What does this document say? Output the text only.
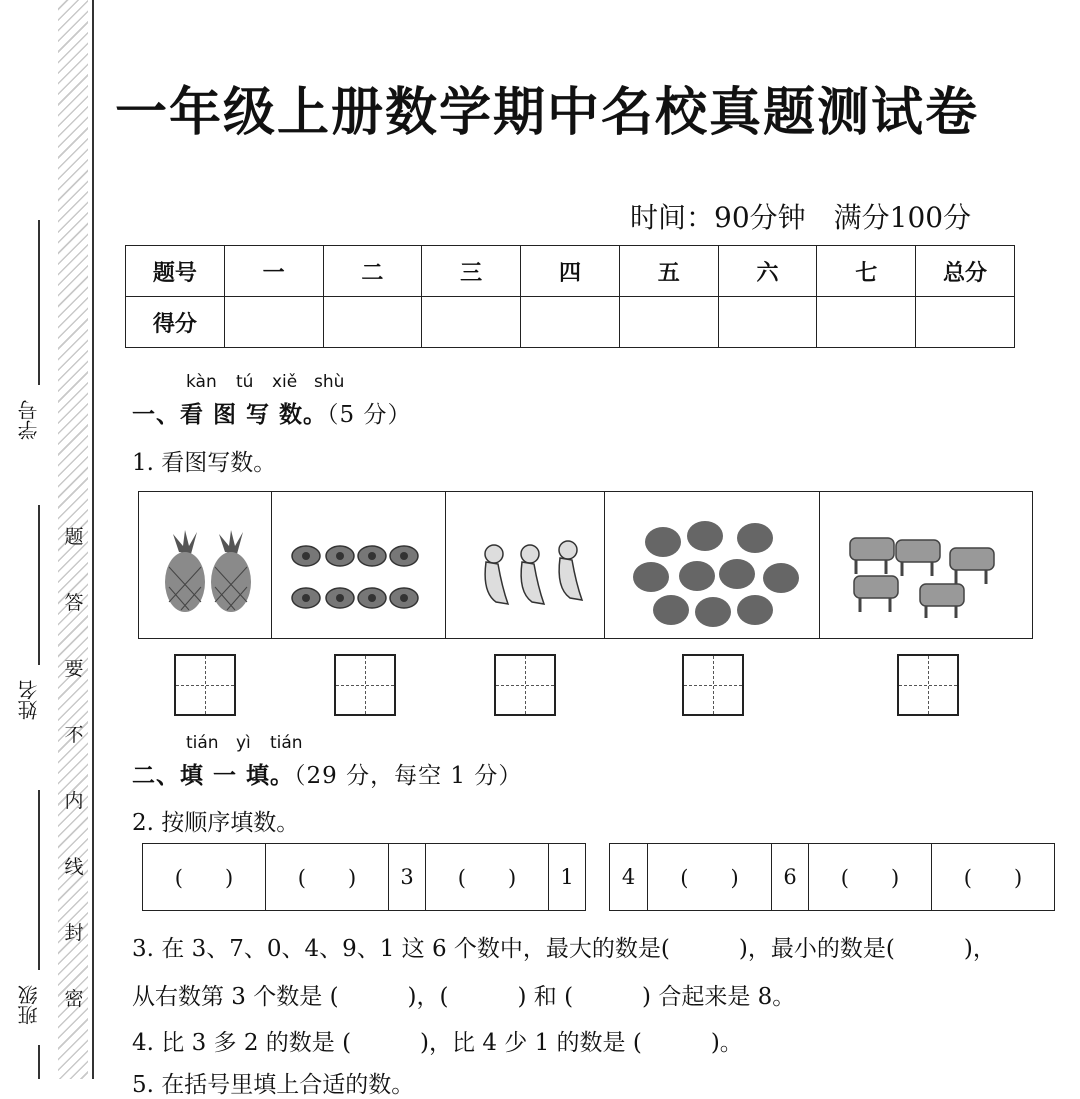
学号
姓名
班级
题
答
要
不
内
线
封
密
一年级上册数学期中名校真题测试卷
时间：90分钟　满分100分
题号	一	二	三	四	五	六	七	总分
得分								
kàn tú xiě shù
一、看 图 写 数。（5 分）
1. 看图写数。
tián yì tián
二、填 一 填。（29 分，每空 1 分）
2. 按顺序填数。
(　　)	(　　)	3	(　　)	1	4	(　　)	6	(　　)	(　　)
3. 在 3、7、0、4、9、1 这 6 个数中，最大的数是(　　　)，最小的数是(　　　)，
从右数第 3 个数是 (　　　)，(　　　) 和 (　　　) 合起来是 8。
4. 比 3 多 2 的数是 (　　　)，比 4 少 1 的数是 (　　　)。
5. 在括号里填上合适的数。
